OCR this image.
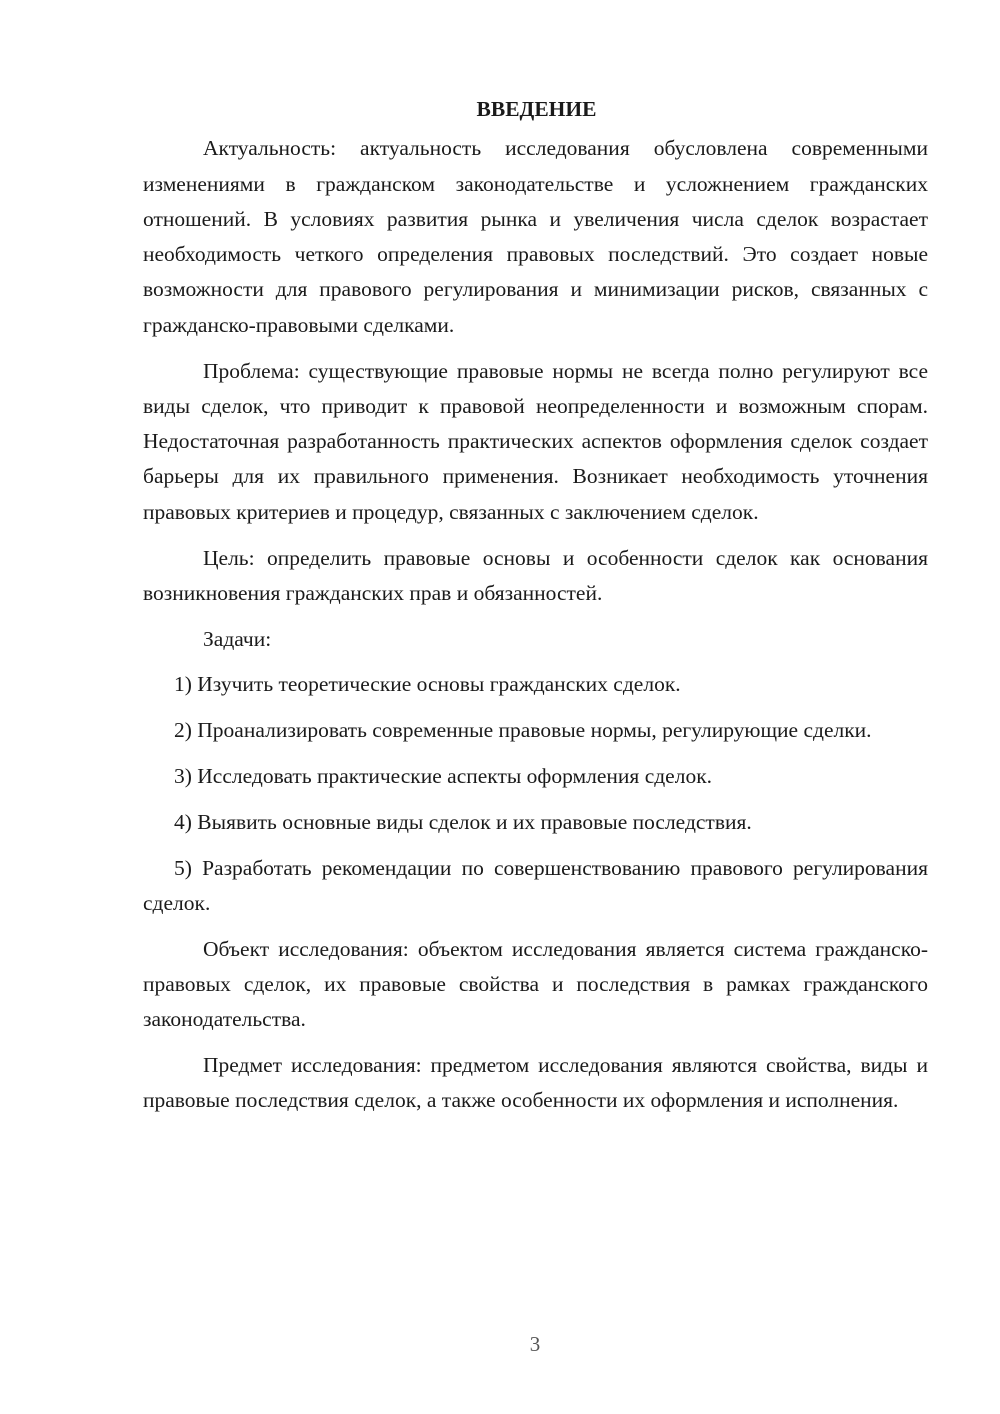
ВВЕДЕНИЕ

Актуальность: актуальность исследования обусловлена современными изменениями в гражданском законодательстве и усложнением гражданских отношений. В условиях развития рынка и увеличения числа сделок возрастает необходимость четкого определения правовых последствий. Это создает новые возможности для правового регулирования и минимизации рисков, связанных с гражданско-правовыми сделками.

Проблема: существующие правовые нормы не всегда полно регулируют все виды сделок, что приводит к правовой неопределенности и возможным спорам. Недостаточная разработанность практических аспектов оформления сделок создает барьеры для их правильного применения. Возникает необходимость уточнения правовых критериев и процедур, связанных с заключением сделок.

Цель: определить правовые основы и особенности сделок как основания возникновения гражданских прав и обязанностей.

Задачи:

1) Изучить теоретические основы гражданских сделок.

2) Проанализировать современные правовые нормы, регулирующие сделки.

3) Исследовать практические аспекты оформления сделок.

4) Выявить основные виды сделок и их правовые последствия.

5) Разработать рекомендации по совершенствованию правового регулирования сделок.

Объект исследования: объектом исследования является система гражданско-правовых сделок, их правовые свойства и последствия в рамках гражданского законодательства.

Предмет исследования: предметом исследования являются свойства, виды и правовые последствия сделок, а также особенности их оформления и исполнения.

3
